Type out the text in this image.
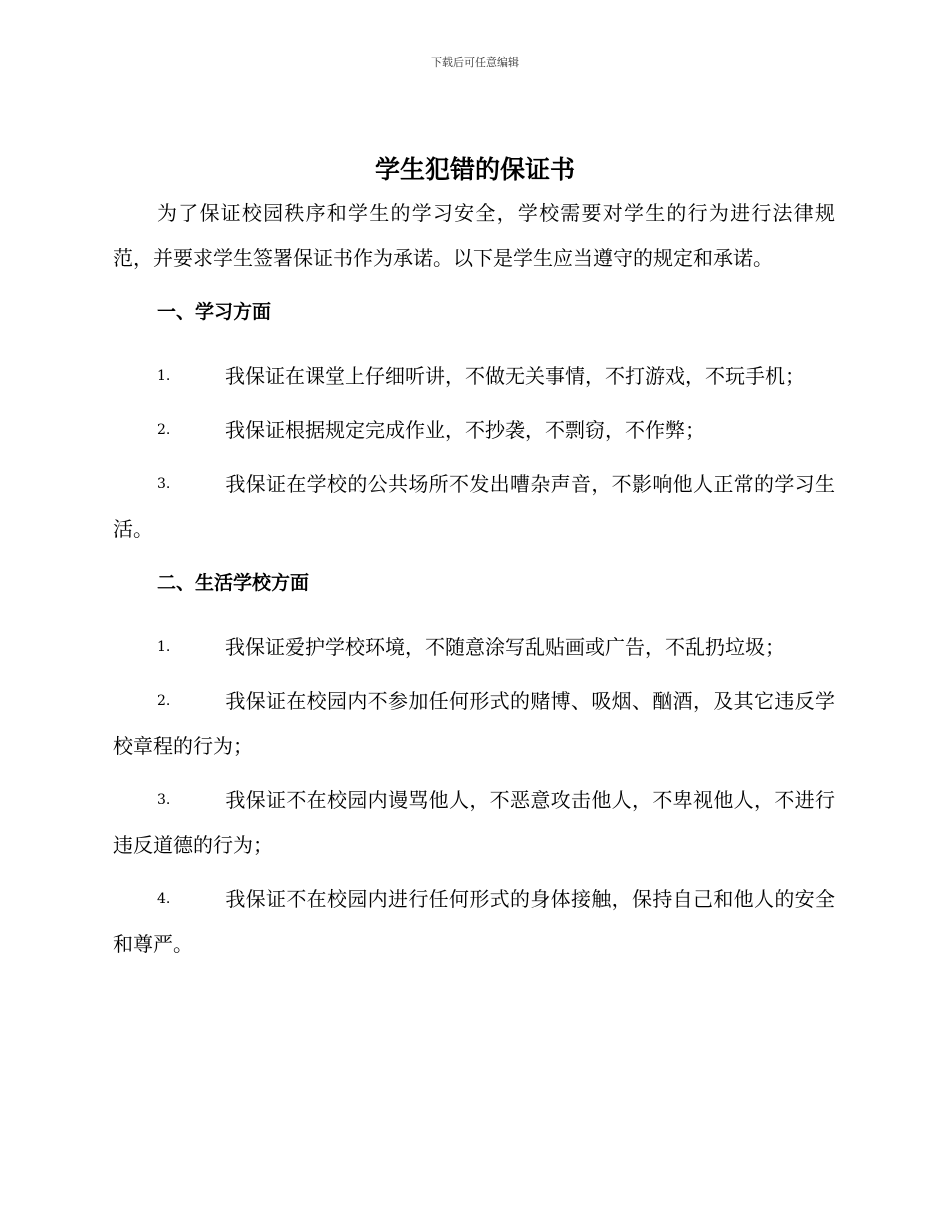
下载后可任意编辑
学生犯错的保证书

为了保证校园秩序和学生的学习安全，学校需要对学生的行为进行法律规范，并要求学生签署保证书作为承诺。以下是学生应当遵守的规定和承诺。

一、学习方面

1.	我保证在课堂上仔细听讲，不做无关事情，不打游戏，不玩手机；

2.	我保证根据规定完成作业，不抄袭，不剽窃，不作弊；

3.	我保证在学校的公共场所不发出嘈杂声音，不影响他人正常的学习生活。

二、生活学校方面

1.	我保证爱护学校环境，不随意涂写乱贴画或广告，不乱扔垃圾；

2.	我保证在校园内不参加任何形式的赌博、吸烟、酗酒，及其它违反学校章程的行为；

3.	我保证不在校园内谩骂他人，不恶意攻击他人，不卑视他人，不进行违反道德的行为；

4.	我保证不在校园内进行任何形式的身体接触，保持自己和他人的安全和尊严。
